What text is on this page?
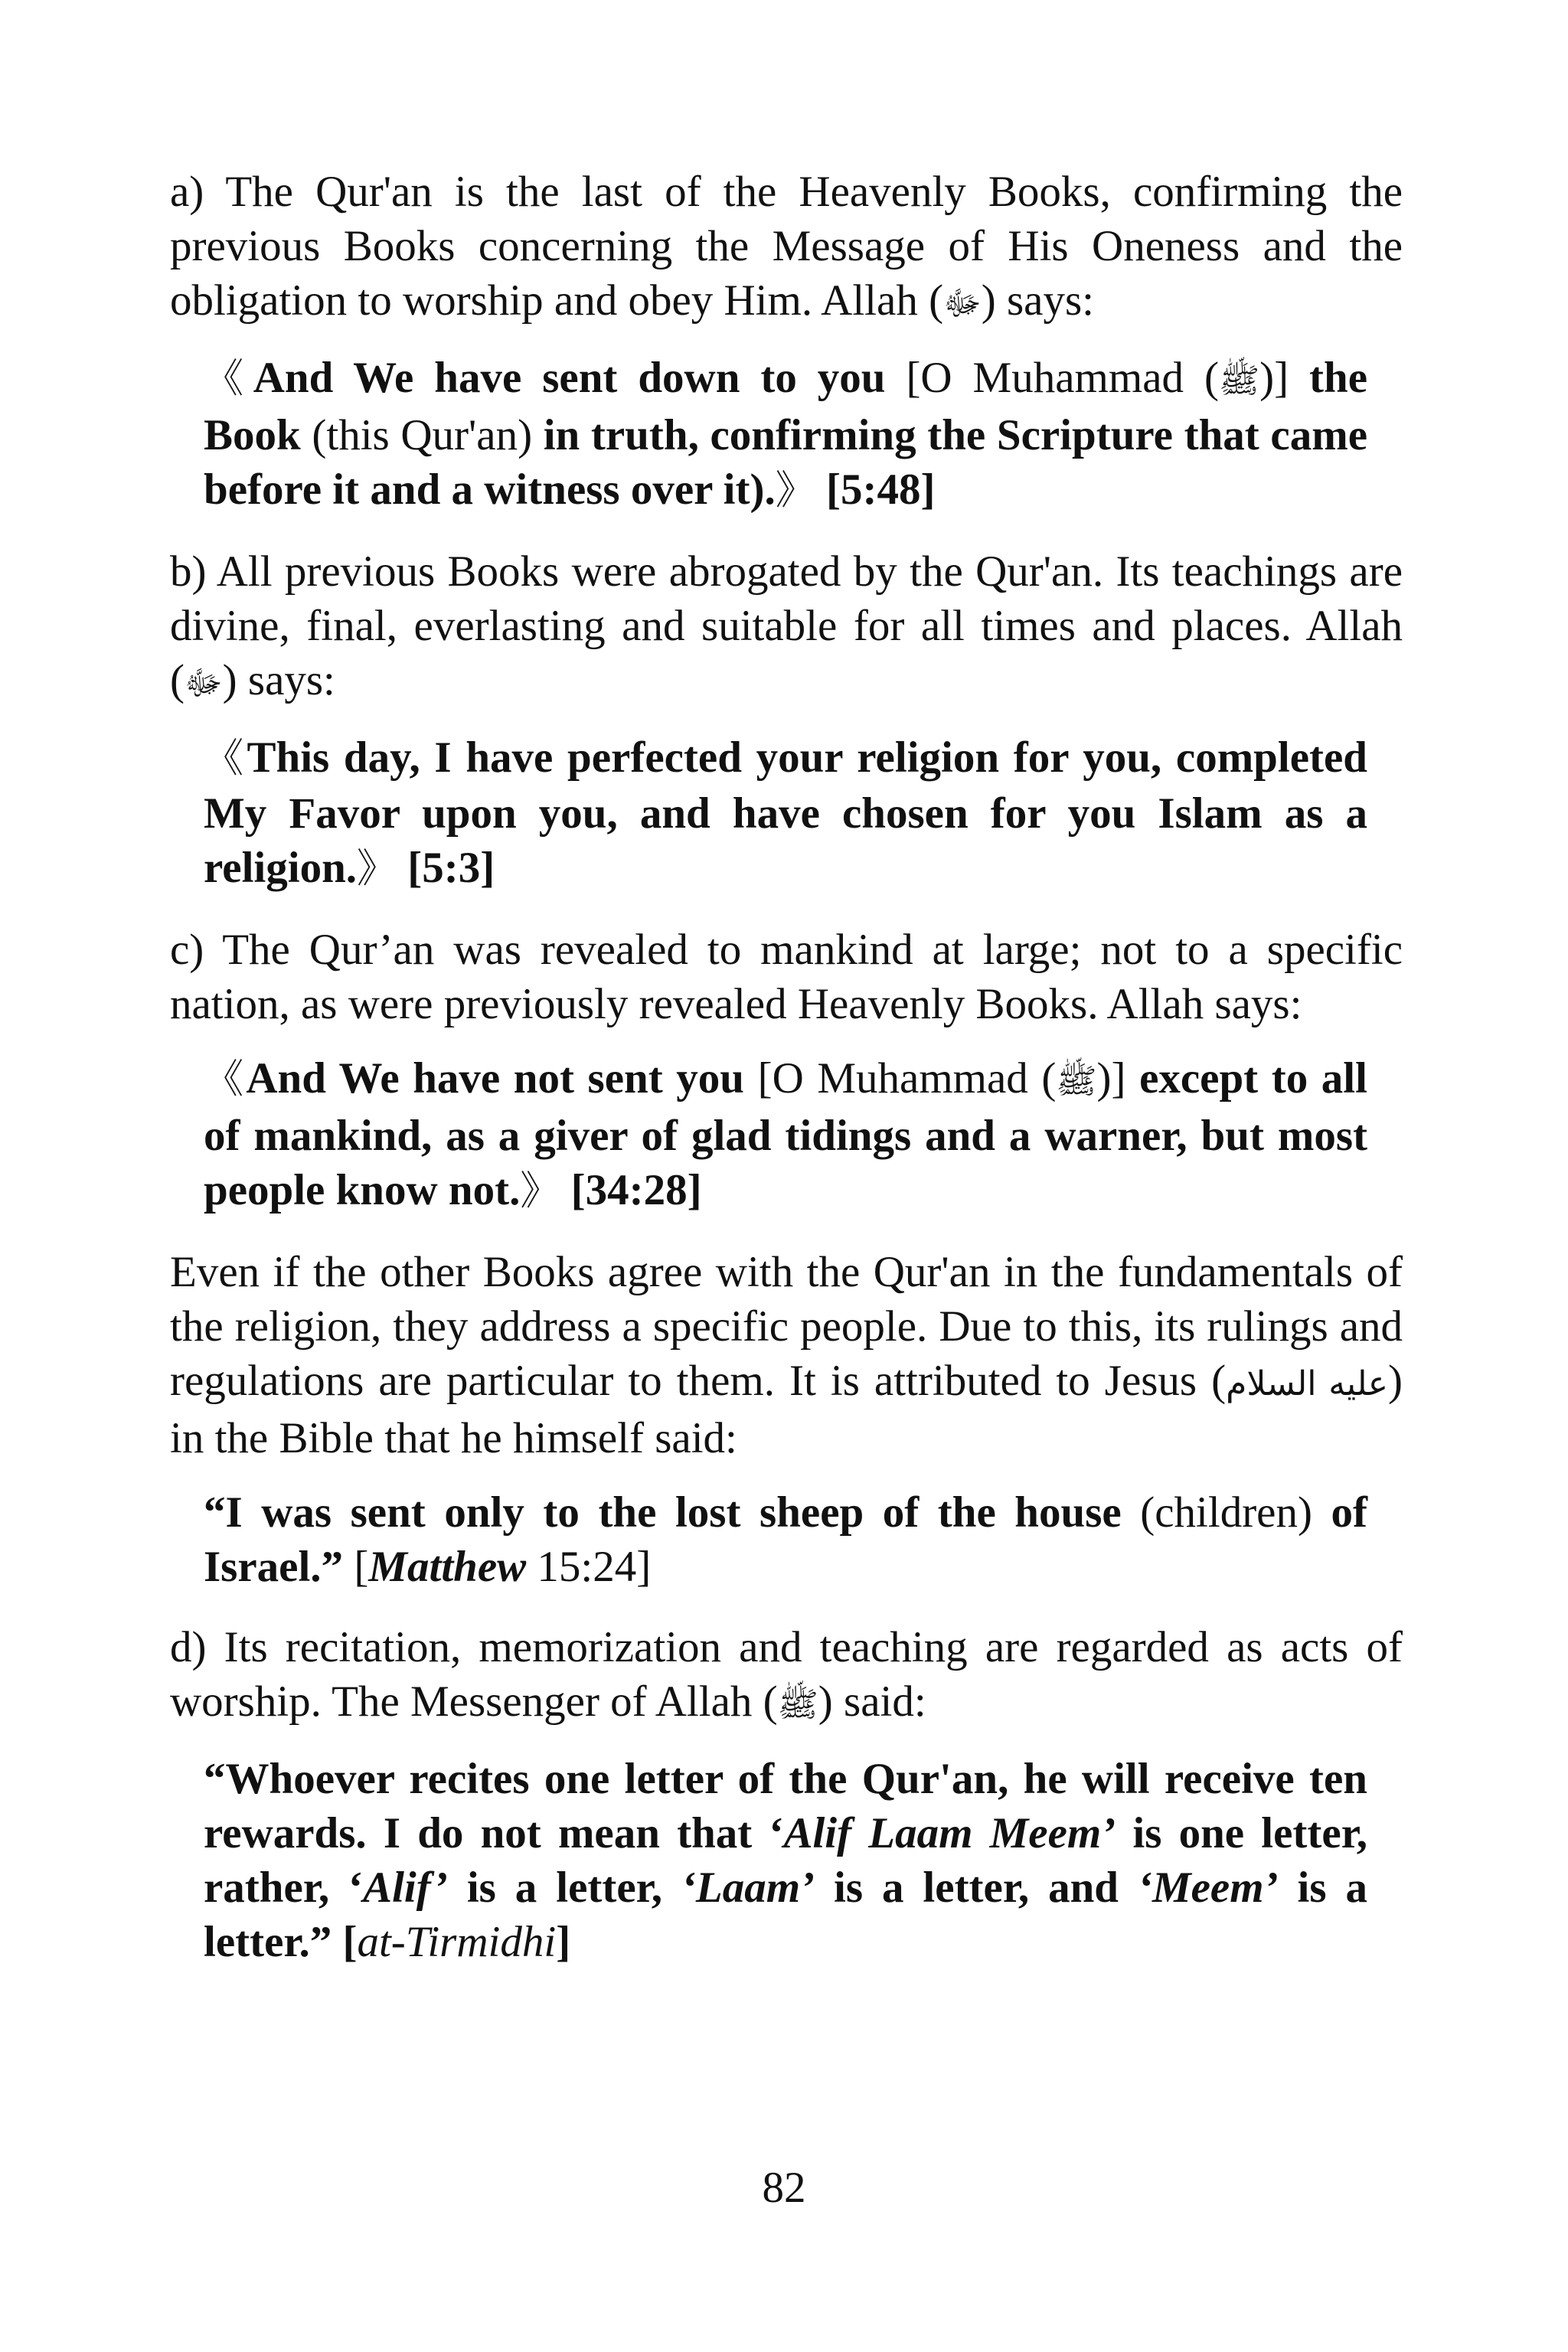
a) The Qur'an is the last of the Heavenly Books, confirming the previous Books concerning the Message of His Oneness and the obligation to worship and obey Him. Allah (ﷻ) says:

《And We have sent down to you [O Muhammad (ﷺ)] the Book (this Qur'an) in truth, confirming the Scripture that came before it and a witness over it).》 [5:48]

b) All previous Books were abrogated by the Qur'an. Its teachings are divine, final, everlasting and suitable for all times and places. Allah (ﷻ) says:

《This day, I have perfected your religion for you, completed My Favor upon you, and have chosen for you Islam as a religion.》 [5:3]

c) The Qur’an was revealed to mankind at large; not to a specific nation, as were previously revealed Heavenly Books. Allah says:

《And We have not sent you [O Muhammad (ﷺ)] except to all of mankind, as a giver of glad tidings and a warner, but most people know not.》 [34:28]

Even if the other Books agree with the Qur'an in the fundamentals of the religion, they address a specific people. Due to this, its rulings and regulations are particular to them. It is attributed to Jesus (عليه السلام) in the Bible that he himself said:

“I was sent only to the lost sheep of the house (children) of Israel.” [Matthew 15:24]

d) Its recitation, memorization and teaching are regarded as acts of worship. The Messenger of Allah (ﷺ) said:

“Whoever recites one letter of the Qur'an, he will receive ten rewards. I do not mean that ‘Alif Laam Meem’ is one letter, rather, ‘Alif’ is a letter, ‘Laam’ is a letter, and ‘Meem’ is a letter.” [at-Tirmidhi]

82
